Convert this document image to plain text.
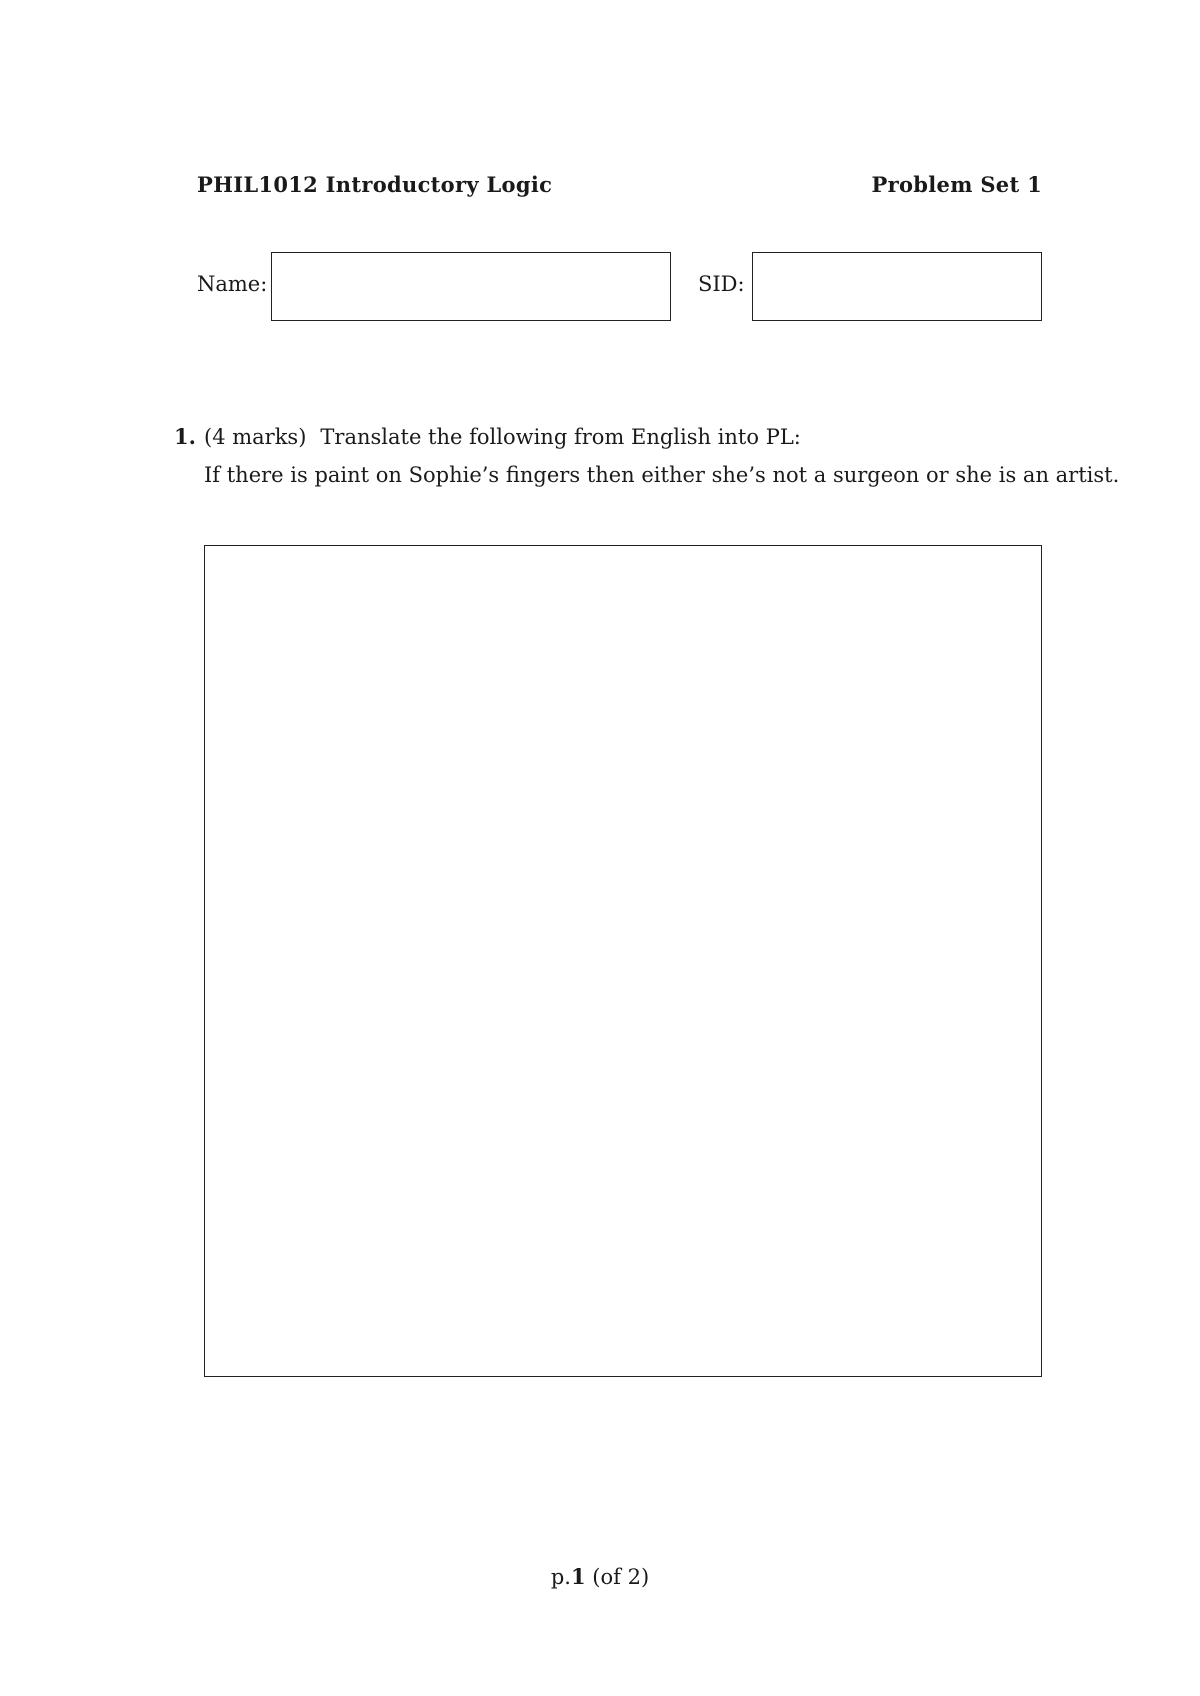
PHIL1012 Introductory Logic	Problem Set 1
Name:	SID:
1. (4 marks) Translate the following from English into PL:
If there is paint on Sophie’s fingers then either she’s not a surgeon or she is an artist.
p.1 (of 2)
